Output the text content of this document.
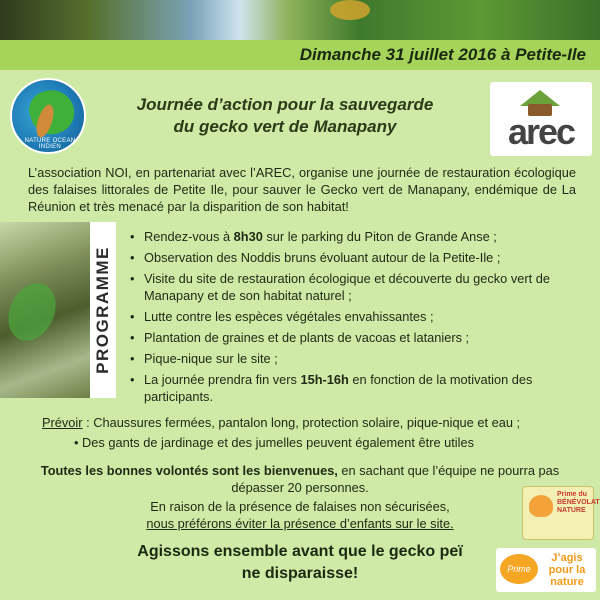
Dimanche 31 juillet 2016 à Petite-Ile
NATURE OCEAN INDIEN
Journée d’action pour la sauvegarde
du gecko vert de Manapany	arec

L’association NOI, en partenariat avec l’AREC, organise une journée de restauration écologique des falaises littorales de Petite Ile, pour sauver le Gecko vert de Manapany, endémique de La Réunion et très menacé par la disparition de son habitat!

PROGRAMME
• Rendez-vous à 8h30 sur le parking du Piton de Grande Anse ;
• Observation des Noddis bruns évoluant autour de la Petite-Ile ;
• Visite du site de restauration écologique et découverte du gecko vert de Manapany et de son habitat naturel ;
• Lutte contre les espèces végétales envahissantes ;
• Plantation de graines et de plants de vacoas et lataniers ;
• Pique-nique sur le site ;
• La journée prendra fin vers 15h-16h en fonction de la motivation des participants.

Prévoir : Chaussures fermées, pantalon long, protection solaire, pique-nique et eau ;

• Des gants de jardinage et des jumelles peuvent également être utiles

Toutes les bonnes volontés sont les bienvenues, en sachant que l’équipe ne pourra pas dépasser 20 personnes.

En raison de la présence de falaises non sécurisées,
nous préférons éviter la présence d’enfants sur le site.
Agissons ensemble avant que le gecko peï
ne disparaisse!
Prime du BÉNÉVOLAT NATURE
Prime
J’agis pour la nature
